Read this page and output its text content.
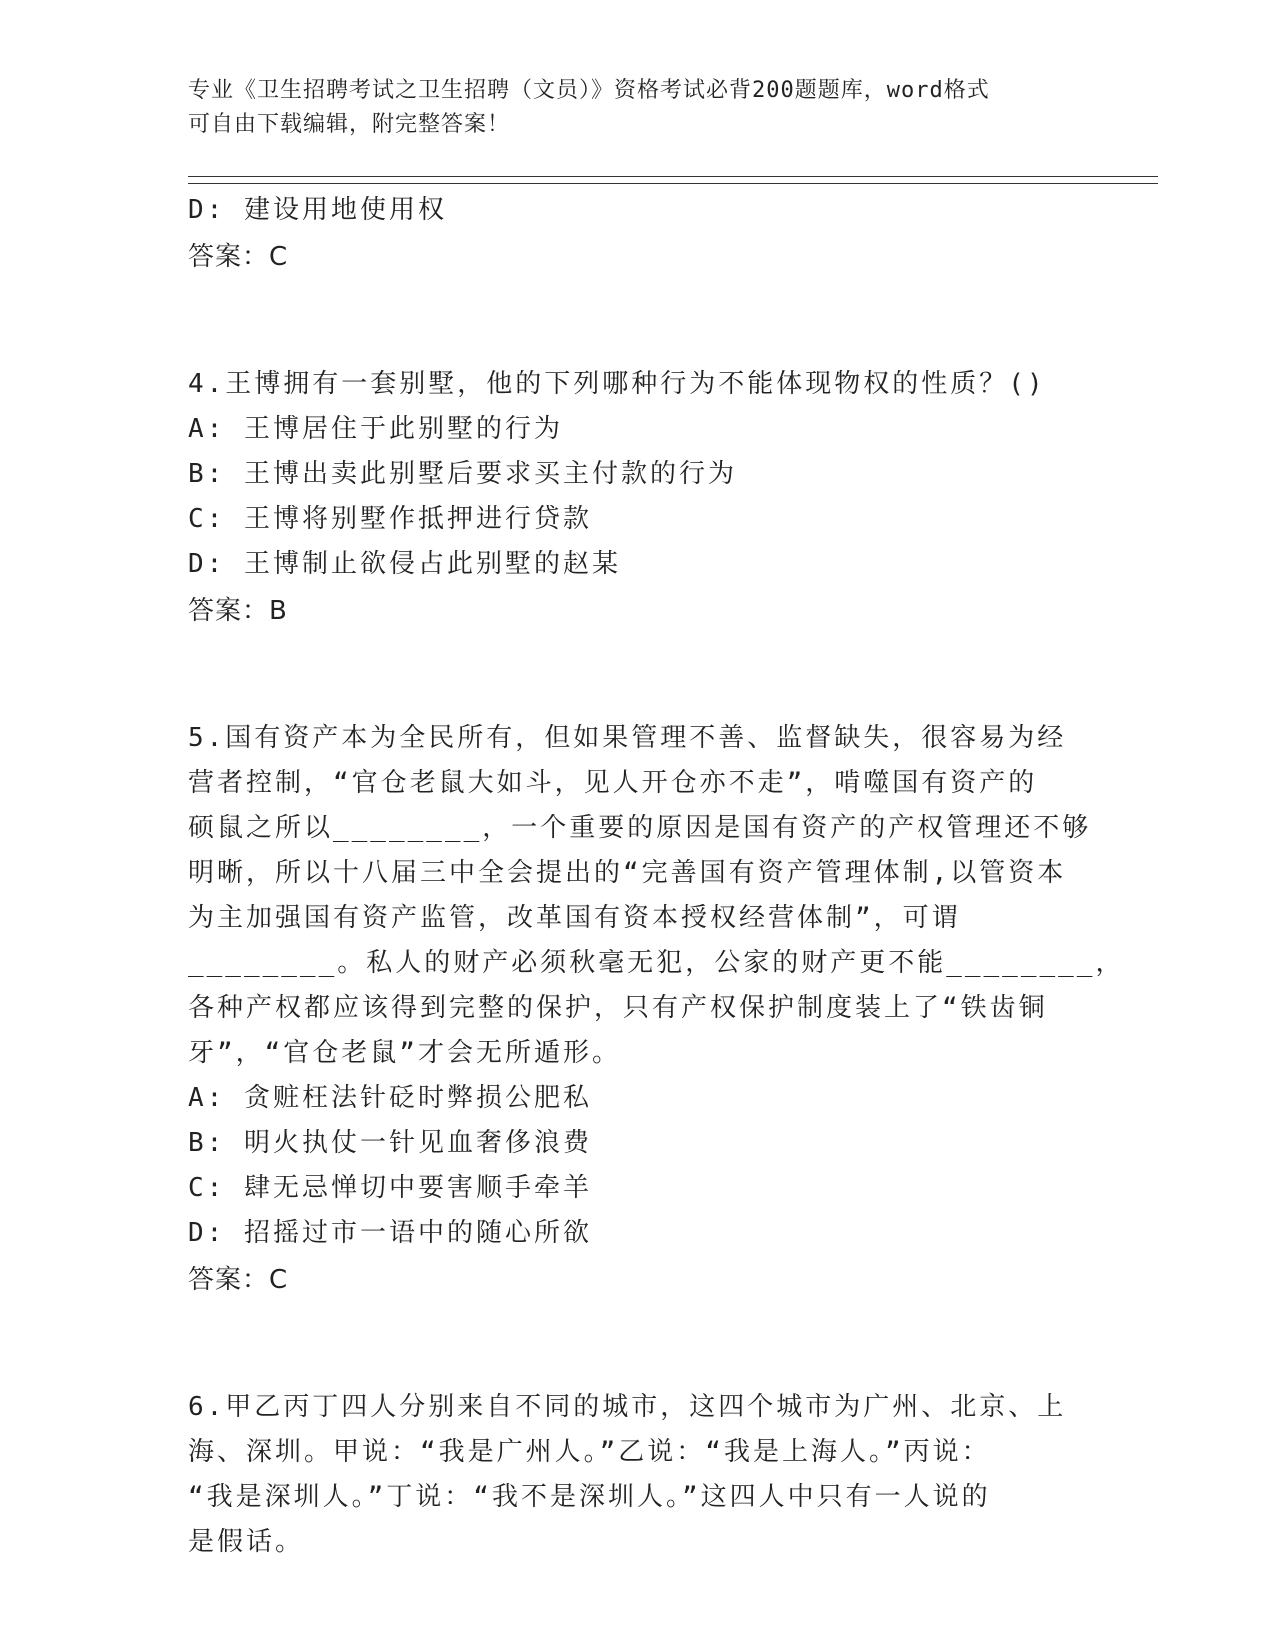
专业《卫生招聘考试之卫生招聘（文员）》资格考试必背200题题库，word格式
可自由下载编辑，附完整答案！
D: 建设用地使用权
答案：C
4.王博拥有一套别墅，他的下列哪种行为不能体现物权的性质？()
A: 王博居住于此别墅的行为
B: 王博出卖此别墅后要求买主付款的行为
C: 王博将别墅作抵押进行贷款
D: 王博制止欲侵占此别墅的赵某
答案：B
5.国有资产本为全民所有，但如果管理不善、监督缺失，很容易为经
营者控制，“官仓老鼠大如斗，见人开仓亦不走”，啃噬国有资产的
硕鼠之所以________，一个重要的原因是国有资产的产权管理还不够
明晰，所以十八届三中全会提出的“完善国有资产管理体制,以管资本
为主加强国有资产监管，改革国有资本授权经营体制”，可谓
________。私人的财产必须秋毫无犯，公家的财产更不能________，
各种产权都应该得到完整的保护，只有产权保护制度装上了“铁齿铜
牙”，“官仓老鼠”才会无所遁形。
A: 贪赃枉法针砭时弊损公肥私
B: 明火执仗一针见血奢侈浪费
C: 肆无忌惮切中要害顺手牵羊
D: 招摇过市一语中的随心所欲
答案：C
6.甲乙丙丁四人分别来自不同的城市，这四个城市为广州、北京、上
海、深圳。甲说：“我是广州人。”乙说：“我是上海人。”丙说：
“我是深圳人。”丁说：“我不是深圳人。”这四人中只有一人说的
是假话。
